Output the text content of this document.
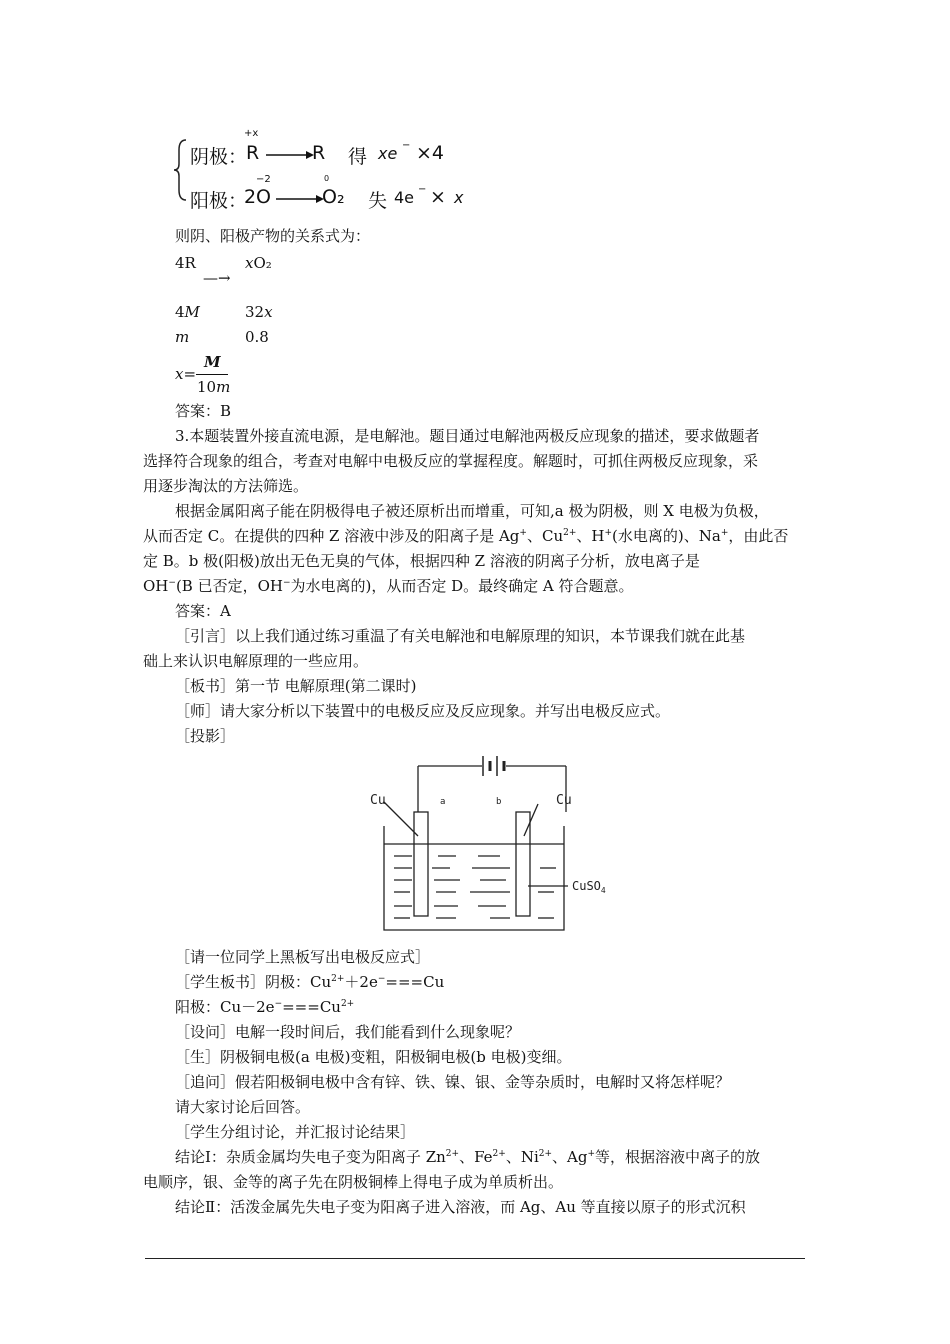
阴极：
+x
R	R 得 xe − ×4
阳极：
2
−2
O
0
O₂ 失 4e − × x
则阴、阳极产物的关系式为：
4R	xO₂
—→
4M	32x
m	0.8
x=
M
10m
答案：B
3.本题装置外接直流电源，是电解池。题目通过电解池两极反应现象的描述，要求做题者
选择符合现象的组合，考查对电解中电极反应的掌握程度。解题时，可抓住两极反应现象，采
用逐步淘汰的方法筛选。
根据金属阳离子能在阴极得电子被还原析出而增重，可知,a 极为阴极，则 X 电极为负极，
从而否定 C。在提供的四种 Z 溶液中涉及的阳离子是 Ag+、$Cu^{2+}$、H+(水电离的)、Na+，由此否
定 B。b 极(阳极)放出无色无臭的气体，根据四种 Z 溶液的阴离子分析，放电离子是
OH−(B 已否定，OH−为水电离的)，从而否定 D。最终确定 A 符合题意。
答案：A
［引言］以上我们通过练习重温了有关电解池和电解原理的知识，本节课我们就在此基
础上来认识电解原理的一些应用。
［板书］第一节 电解原理(第二课时)
［师］请大家分析以下装置中的电极反应及反应现象。并写出电极反应式。
［投影］
Cu	a	b	Cu
CuSO$_4$
［请一位同学上黑板写出电极反应式］
［学生板书］阴极：$Cu^{2+}+2e^-===Cu$
阳极：$Cu-2e^-===Cu^{2+}$
［设问］电解一段时间后，我们能看到什么现象呢？
［生］阴极铜电极(a 电极)变粗，阳极铜电极(b 电极)变细。
［追问］假若阳极铜电极中含有锌、铁、镍、银、金等杂质时，电解时又将怎样呢？
请大家讨论后回答。
［学生分组讨论，并汇报讨论结果］
结论Ⅰ：杂质金属均失电子变为阳离子 $Zn^{2+}$、$Fe^{2+}$、$Ni^{2+}$、Ag+等，根据溶液中离子的放
电顺序，银、金等的离子先在阴极铜棒上得电子成为单质析出。
结论Ⅱ：活泼金属先失电子变为阳离子进入溶液，而 Ag、Au 等直接以原子的形式沉积
